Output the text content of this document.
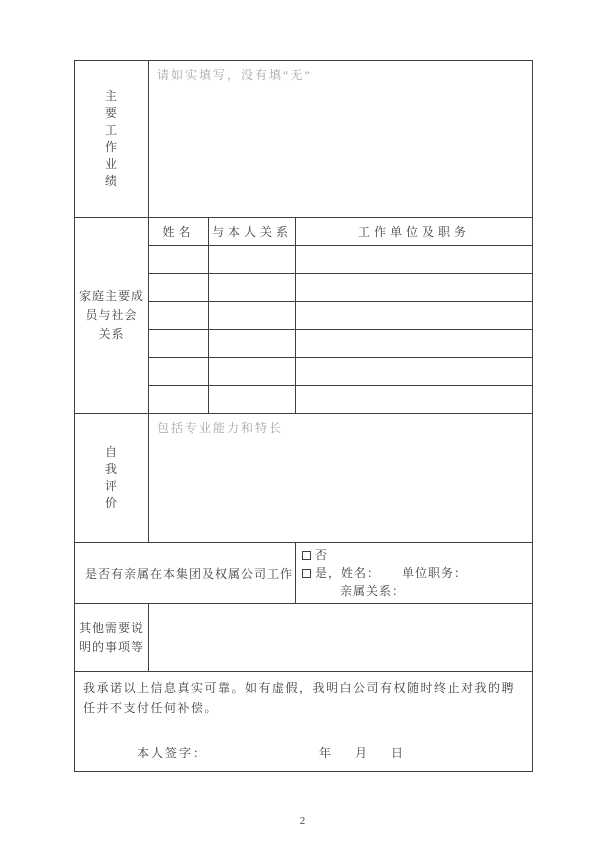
主
要
工
作
业
绩	请如实填写，没有填“无”
家庭主要成
员与社会
关系	姓名	与本人关系	工作单位及职务

自
我
评
价	包括专业能力和特长		
是否有亲属在本集团及权属公司工作			否
是，姓名： 单位职务：
亲属关系：

其他需要说
明的事项等			

我承诺以上信息真实可靠。如有虚假，我明白公司有权随时终止对我的聘任并不支付任何补偿。
本人签字： 年 月 日			
2
